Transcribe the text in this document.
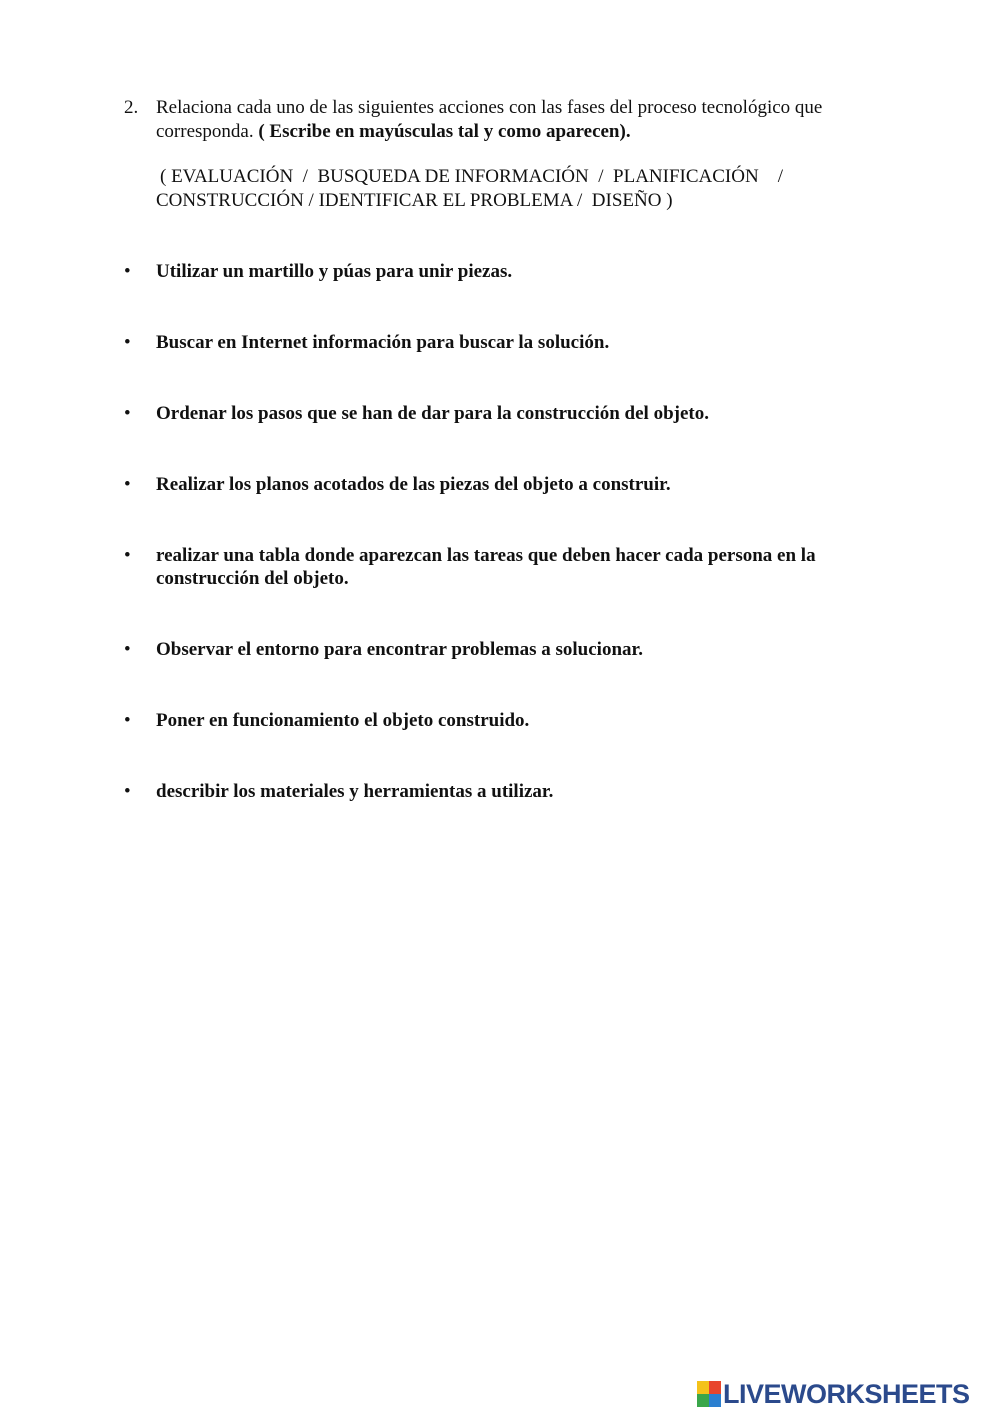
2. Relaciona cada uno de las siguientes acciones con las fases del proceso tecnológico que corresponda. ( Escribe en mayúsculas tal y como aparecen).
( EVALUACIÓN  /  BUSQUEDA DE INFORMACIÓN  /  PLANIFICACIÓN    /
CONSTRUCCIÓN / IDENTIFICAR EL PROBLEMA /  DISEÑO )
• Utilizar un martillo y púas para unir piezas.
• Buscar en Internet información para buscar la solución.
• Ordenar los pasos que se han de dar para la construcción del objeto.
• Realizar los planos acotados de las piezas del objeto a construir.
• realizar una tabla donde aparezcan las tareas que deben hacer cada persona en la construcción del objeto.
• Observar el entorno para encontrar problemas a solucionar.
• Poner en funcionamiento el objeto construido.
• describir los materiales y herramientas a utilizar.
LIVEWORKSHEETS
